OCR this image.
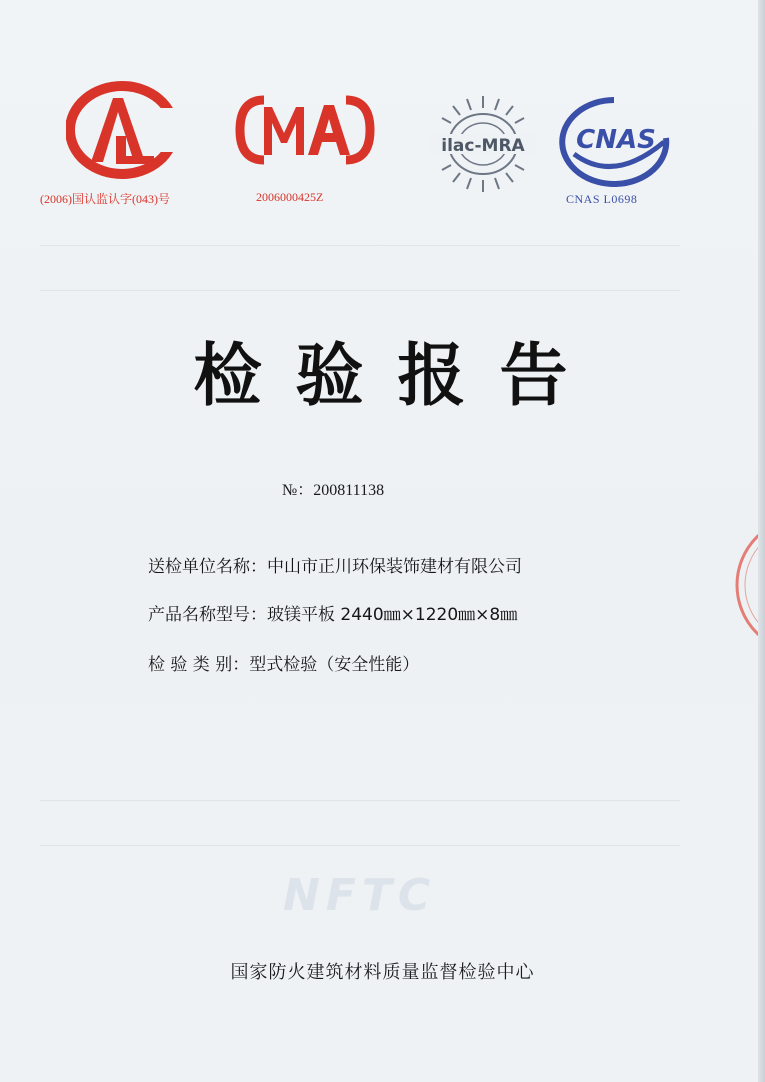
(2006)国认监认字(043)号	2006000425Z
ilac-MRA CNAS
CNAS L0698
检验报告
№：200811138
送检单位名称：中山市正川环保装饰建材有限公司
产品名称型号：玻镁平板 2440㎜×1220㎜×8㎜
检 验 类 别：型式检验（安全性能）
NFTC
国家防火建筑材料质量监督检验中心
